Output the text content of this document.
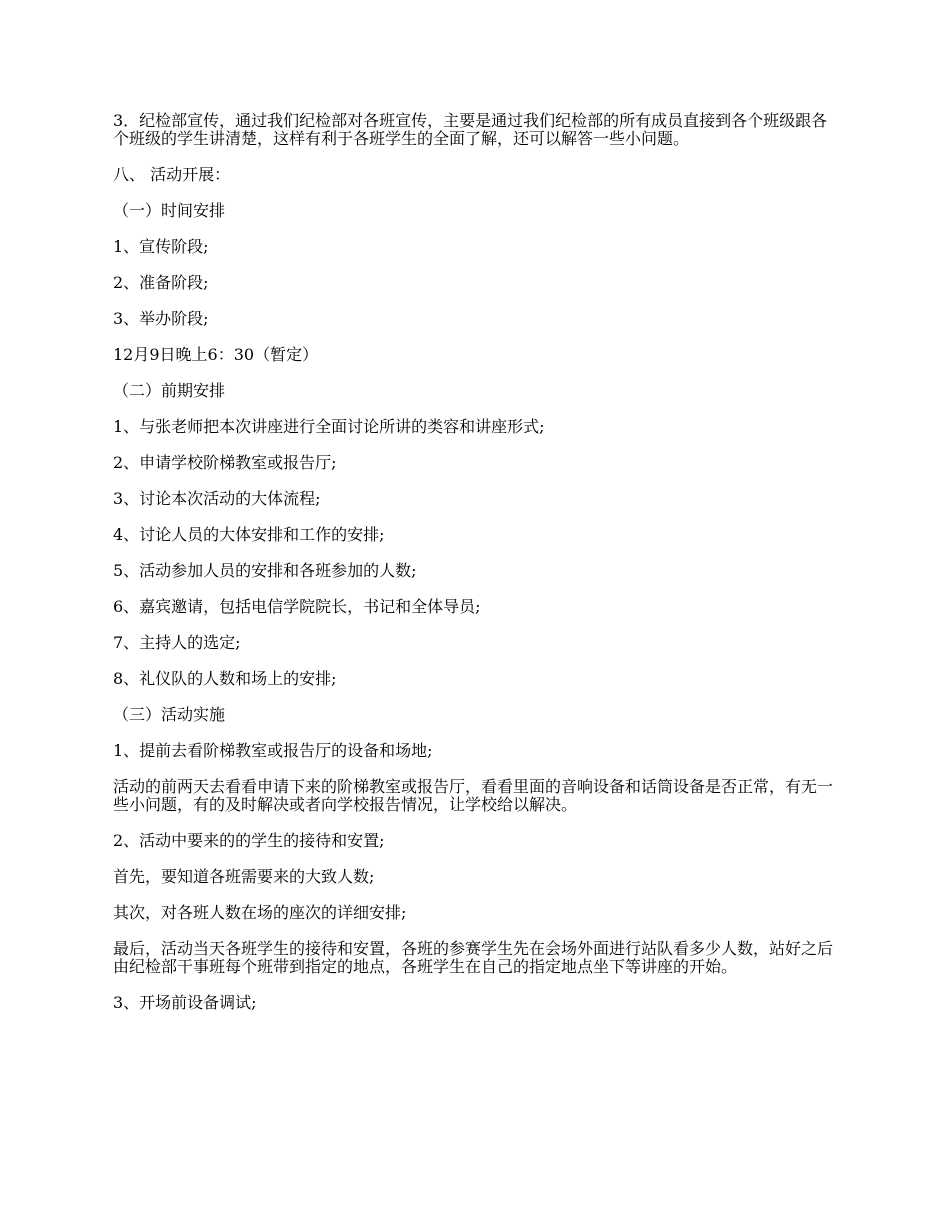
3．纪检部宣传，通过我们纪检部对各班宣传，主要是通过我们纪检部的所有成员直接到各个班级跟各个班级的学生讲清楚，这样有利于各班学生的全面了解，还可以解答一些小问题。

八、 活动开展：

（一）时间安排

1、宣传阶段;

2、准备阶段;

3、举办阶段;

12月9日晚上6：30（暂定）

（二）前期安排

1、与张老师把本次讲座进行全面讨论所讲的类容和讲座形式;

2、申请学校阶梯教室或报告厅;

3、讨论本次活动的大体流程;

4、讨论人员的大体安排和工作的安排;

5、活动参加人员的安排和各班参加的人数;

6、嘉宾邀请，包括电信学院院长，书记和全体导员;

7、主持人的选定;

8、礼仪队的人数和场上的安排;

（三）活动实施

1、提前去看阶梯教室或报告厅的设备和场地;

活动的前两天去看看申请下来的阶梯教室或报告厅，看看里面的音响设备和话筒设备是否正常，有无一些小问题，有的及时解决或者向学校报告情况，让学校给以解决。

2、活动中要来的的学生的接待和安置;

首先，要知道各班需要来的大致人数;

其次，对各班人数在场的座次的详细安排;

最后，活动当天各班学生的接待和安置，各班的参赛学生先在会场外面进行站队看多少人数，站好之后由纪检部干事班每个班带到指定的地点，各班学生在自己的指定地点坐下等讲座的开始。

3、开场前设备调试;
